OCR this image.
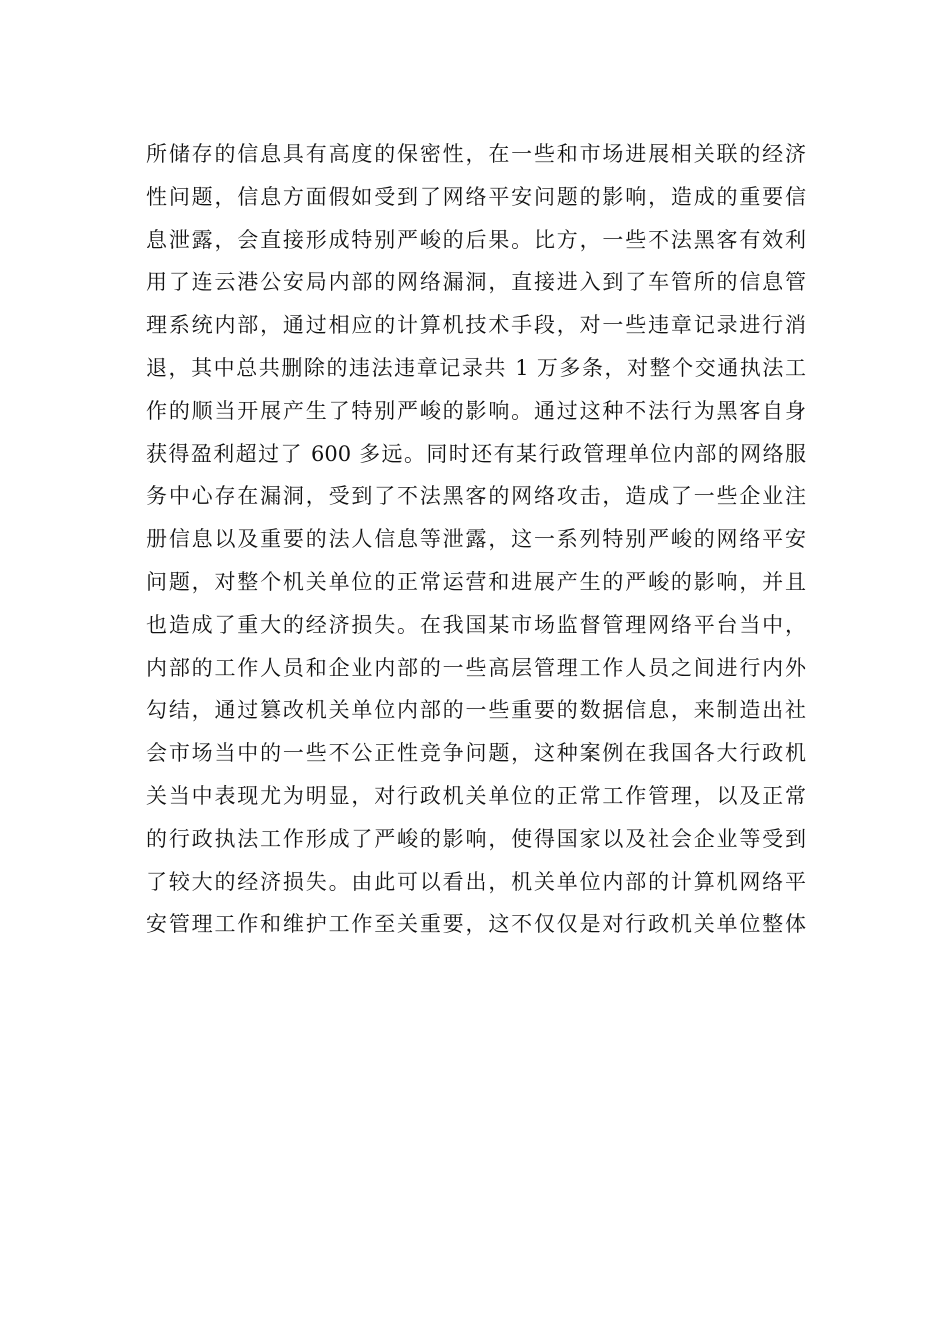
所储存的信息具有高度的保密性，在一些和市场进展相关联的经济
性问题，信息方面假如受到了网络平安问题的影响，造成的重要信
息泄露，会直接形成特别严峻的后果。比方，一些不法黑客有效利
用了连云港公安局内部的网络漏洞，直接进入到了车管所的信息管
理系统内部，通过相应的计算机技术手段，对一些违章记录进行消
退，其中总共删除的违法违章记录共 1 万多条，对整个交通执法工
作的顺当开展产生了特别严峻的影响。通过这种不法行为黑客自身
获得盈利超过了 600 多远。同时还有某行政管理单位内部的网络服
务中心存在漏洞，受到了不法黑客的网络攻击，造成了一些企业注
册信息以及重要的法人信息等泄露，这一系列特别严峻的网络平安
问题，对整个机关单位的正常运营和进展产生的严峻的影响，并且
也造成了重大的经济损失。在我国某市场监督管理网络平台当中，
内部的工作人员和企业内部的一些高层管理工作人员之间进行内外
勾结，通过篡改机关单位内部的一些重要的数据信息，来制造出社
会市场当中的一些不公正性竞争问题，这种案例在我国各大行政机
关当中表现尤为明显，对行政机关单位的正常工作管理，以及正常
的行政执法工作形成了严峻的影响，使得国家以及社会企业等受到
了较大的经济损失。由此可以看出，机关单位内部的计算机网络平
安管理工作和维护工作至关重要，这不仅仅是对行政机关单位整体
